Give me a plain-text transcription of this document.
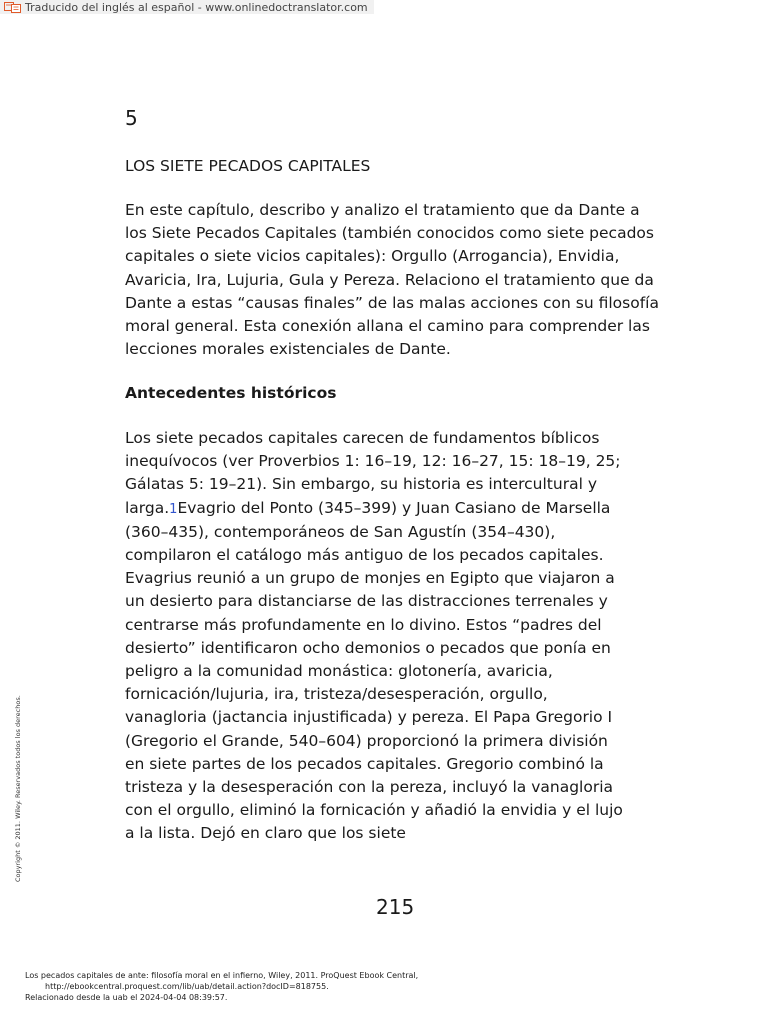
Traducido del inglés al español - www.onlinedoctranslator.com
5
LOS SIETE PECADOS CAPITALES
En este capítulo, describo y analizo el tratamiento que da Dante a
los Siete Pecados Capitales (también conocidos como siete pecados
capitales o siete vicios capitales): Orgullo (Arrogancia), Envidia,
Avaricia, Ira, Lujuria, Gula y Pereza. Relaciono el tratamiento que da
Dante a estas “causas finales” de las malas acciones con su filosofía
moral general. Esta conexión allana el camino para comprender las
lecciones morales existenciales de Dante.
Antecedentes históricos
Los siete pecados capitales carecen de fundamentos bíblicos
inequívocos (ver Proverbios 1: 16–19, 12: 16–27, 15: 18–19, 25;
Gálatas 5: 19–21). Sin embargo, su historia es intercultural y
larga.1Evagrio del Ponto (345–399) y Juan Casiano de Marsella
(360–435), contemporáneos de San Agustín (354–430),
compilaron el catálogo más antiguo de los pecados capitales.
Evagrius reunió a un grupo de monjes en Egipto que viajaron a
un desierto para distanciarse de las distracciones terrenales y
centrarse más profundamente en lo divino. Estos “padres del
desierto” identificaron ocho demonios o pecados que ponía en
peligro a la comunidad monástica: glotonería, avaricia,
fornicación/lujuria, ira, tristeza/desesperación, orgullo,
vanagloria (jactancia injustificada) y pereza. El Papa Gregorio I
(Gregorio el Grande, 540–604) proporcionó la primera división
en siete partes de los pecados capitales. Gregorio combinó la
tristeza y la desesperación con la pereza, incluyó la vanagloria
con el orgullo, eliminó la fornicación y añadió la envidia y el lujo
a la lista. Dejó en claro que los siete
215
Copyright © 2011. Wiley. Reservados todos los derechos.
Los pecados capitales de ante: filosofía moral en el infierno, Wiley, 2011. ProQuest Ebook Central,
http://ebookcentral.proquest.com/lib/uab/detail.action?docID=818755.
Relacionado desde la uab el 2024-04-04 08:39:57.
